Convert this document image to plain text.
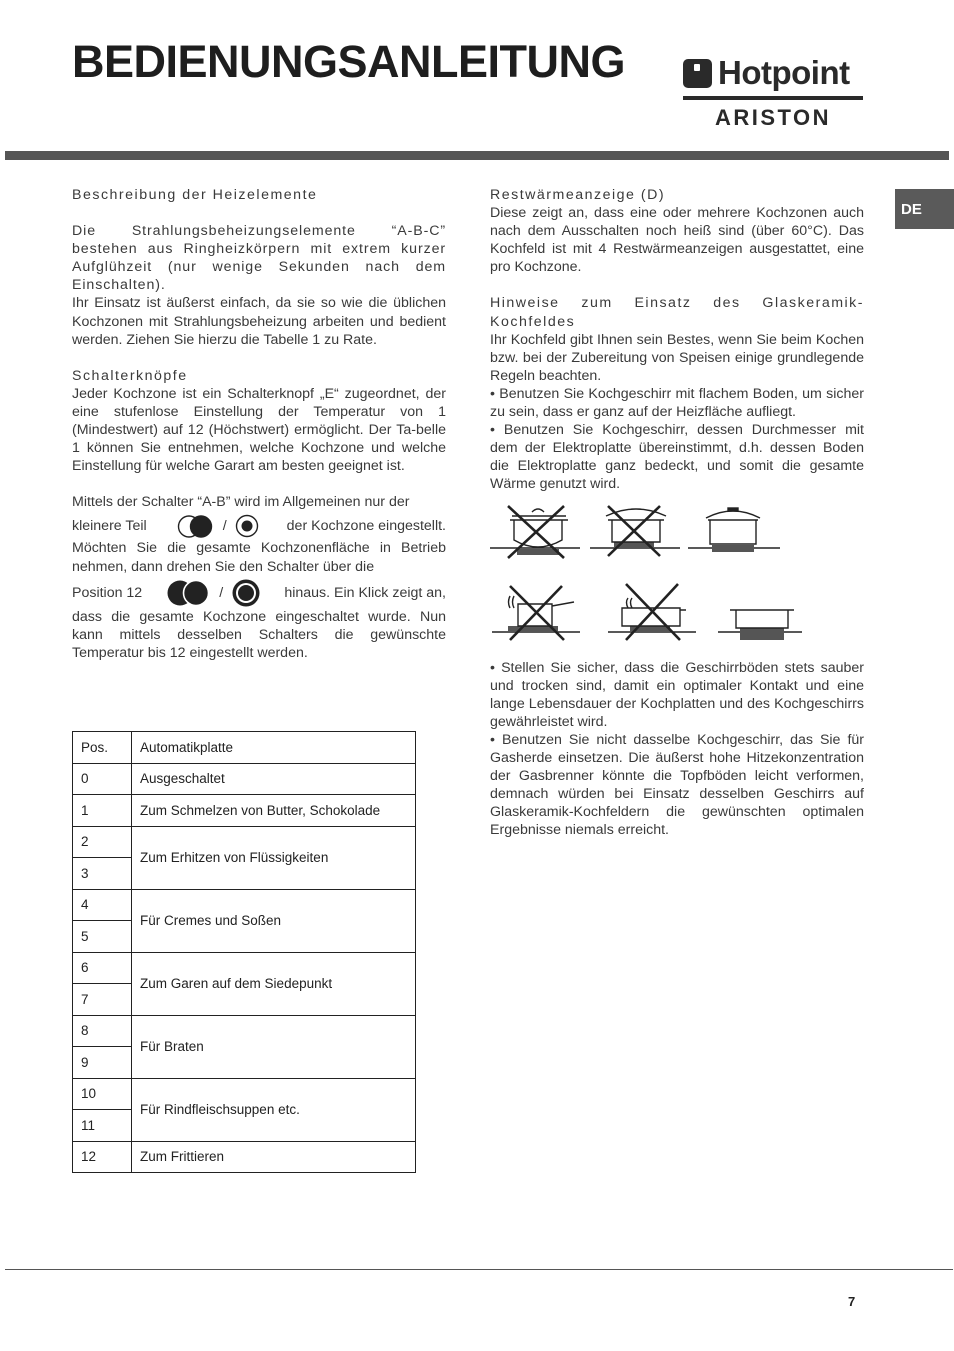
BEDIENUNGSANLEITUNG	Hotpoint
ARISTON
DE

Beschreibung der Heizelemente

Die Strahlungsbeheizungselemente “A-B-C” bestehen aus Ringheizkörpern mit extrem kurzer Aufglühzeit (nur wenige Sekunden nach dem Einschalten).

Ihr Einsatz ist äußerst einfach, da sie so wie die üblichen Kochzonen mit Strahlungsbeheizung arbeiten und bedient werden. Ziehen Sie hierzu die Tabelle 1 zu Rate.

Schalterknöpfe

Jeder Kochzone ist ein Schalterknopf „E“ zugeordnet, der eine stufenlose Einstellung der Temperatur von 1 (Mindestwert) auf 12 (Höchstwert) ermöglicht. Der Ta-belle 1 können Sie entnehmen, welche Kochzone und welche Einstellung für welche Garart am besten geeignet ist.

Mittels der Schalter “A-B” wird im Allgemeinen nur der

kleinere Teil	/	der Kochzone eingestellt.

Möchten Sie die gesamte Kochzonenfläche in Betrieb nehmen, dann drehen Sie den Schalter über die

Position 12	/	hinaus. Ein Klick zeigt an,

dass die gesamte Kochzone eingeschaltet wurde. Nun kann mittels desselben Schalters die gewünschte Temperatur bis 12 eingestellt werden.

Pos.	Automatikplatte
0	Ausgeschaltet
1	Zum Schmelzen von Butter, Schokolade
2	Zum Erhitzen von Flüssigkeiten
3	
4	Für Cremes und Soßen
5	
6	Zum Garen auf dem Siedepunkt
7	
8	Für Braten
9	
10	Für Rindfleischsuppen etc.
11	
12	Zum Frittieren

Restwärmeanzeige (D)

Diese zeigt an, dass eine oder mehrere Kochzonen auch nach dem Ausschalten noch heiß sind (über 60°C). Das Kochfeld ist mit 4 Restwärmeanzeigen ausgestattet, eine pro Kochzone.

Hinweise zum Einsatz des Glaskeramik-Kochfeldes

Ihr Kochfeld gibt Ihnen sein Bestes, wenn Sie beim Kochen bzw. bei der Zubereitung von Speisen einige grundlegende Regeln beachten.

• Benutzen Sie Kochgeschirr mit flachem Boden, um sicher zu sein, dass er ganz auf der Heizfläche aufliegt.

• Benutzen Sie Kochgeschirr, dessen Durchmesser mit dem der Elektroplatte übereinstimmt, d.h. dessen Boden die Elektroplatte ganz bedeckt, und somit die gesamte Wärme genutzt wird.

• Stellen Sie sicher, dass die Geschirrböden stets sauber und trocken sind, damit ein optimaler Kontakt und eine lange Lebensdauer der Kochplatten und des Kochgeschirrs gewährleistet wird.

• Benutzen Sie nicht dasselbe Kochgeschirr, das Sie für Gasherde einsetzen. Die äußerst hohe Hitzekonzentration der Gasbrenner könnte die Topfböden leicht verformen, demnach würden bei Einsatz desselben Geschirrs auf Glaskeramik-Kochfeldern die gewünschten optimalen Ergebnisse niemals erreicht.

7
